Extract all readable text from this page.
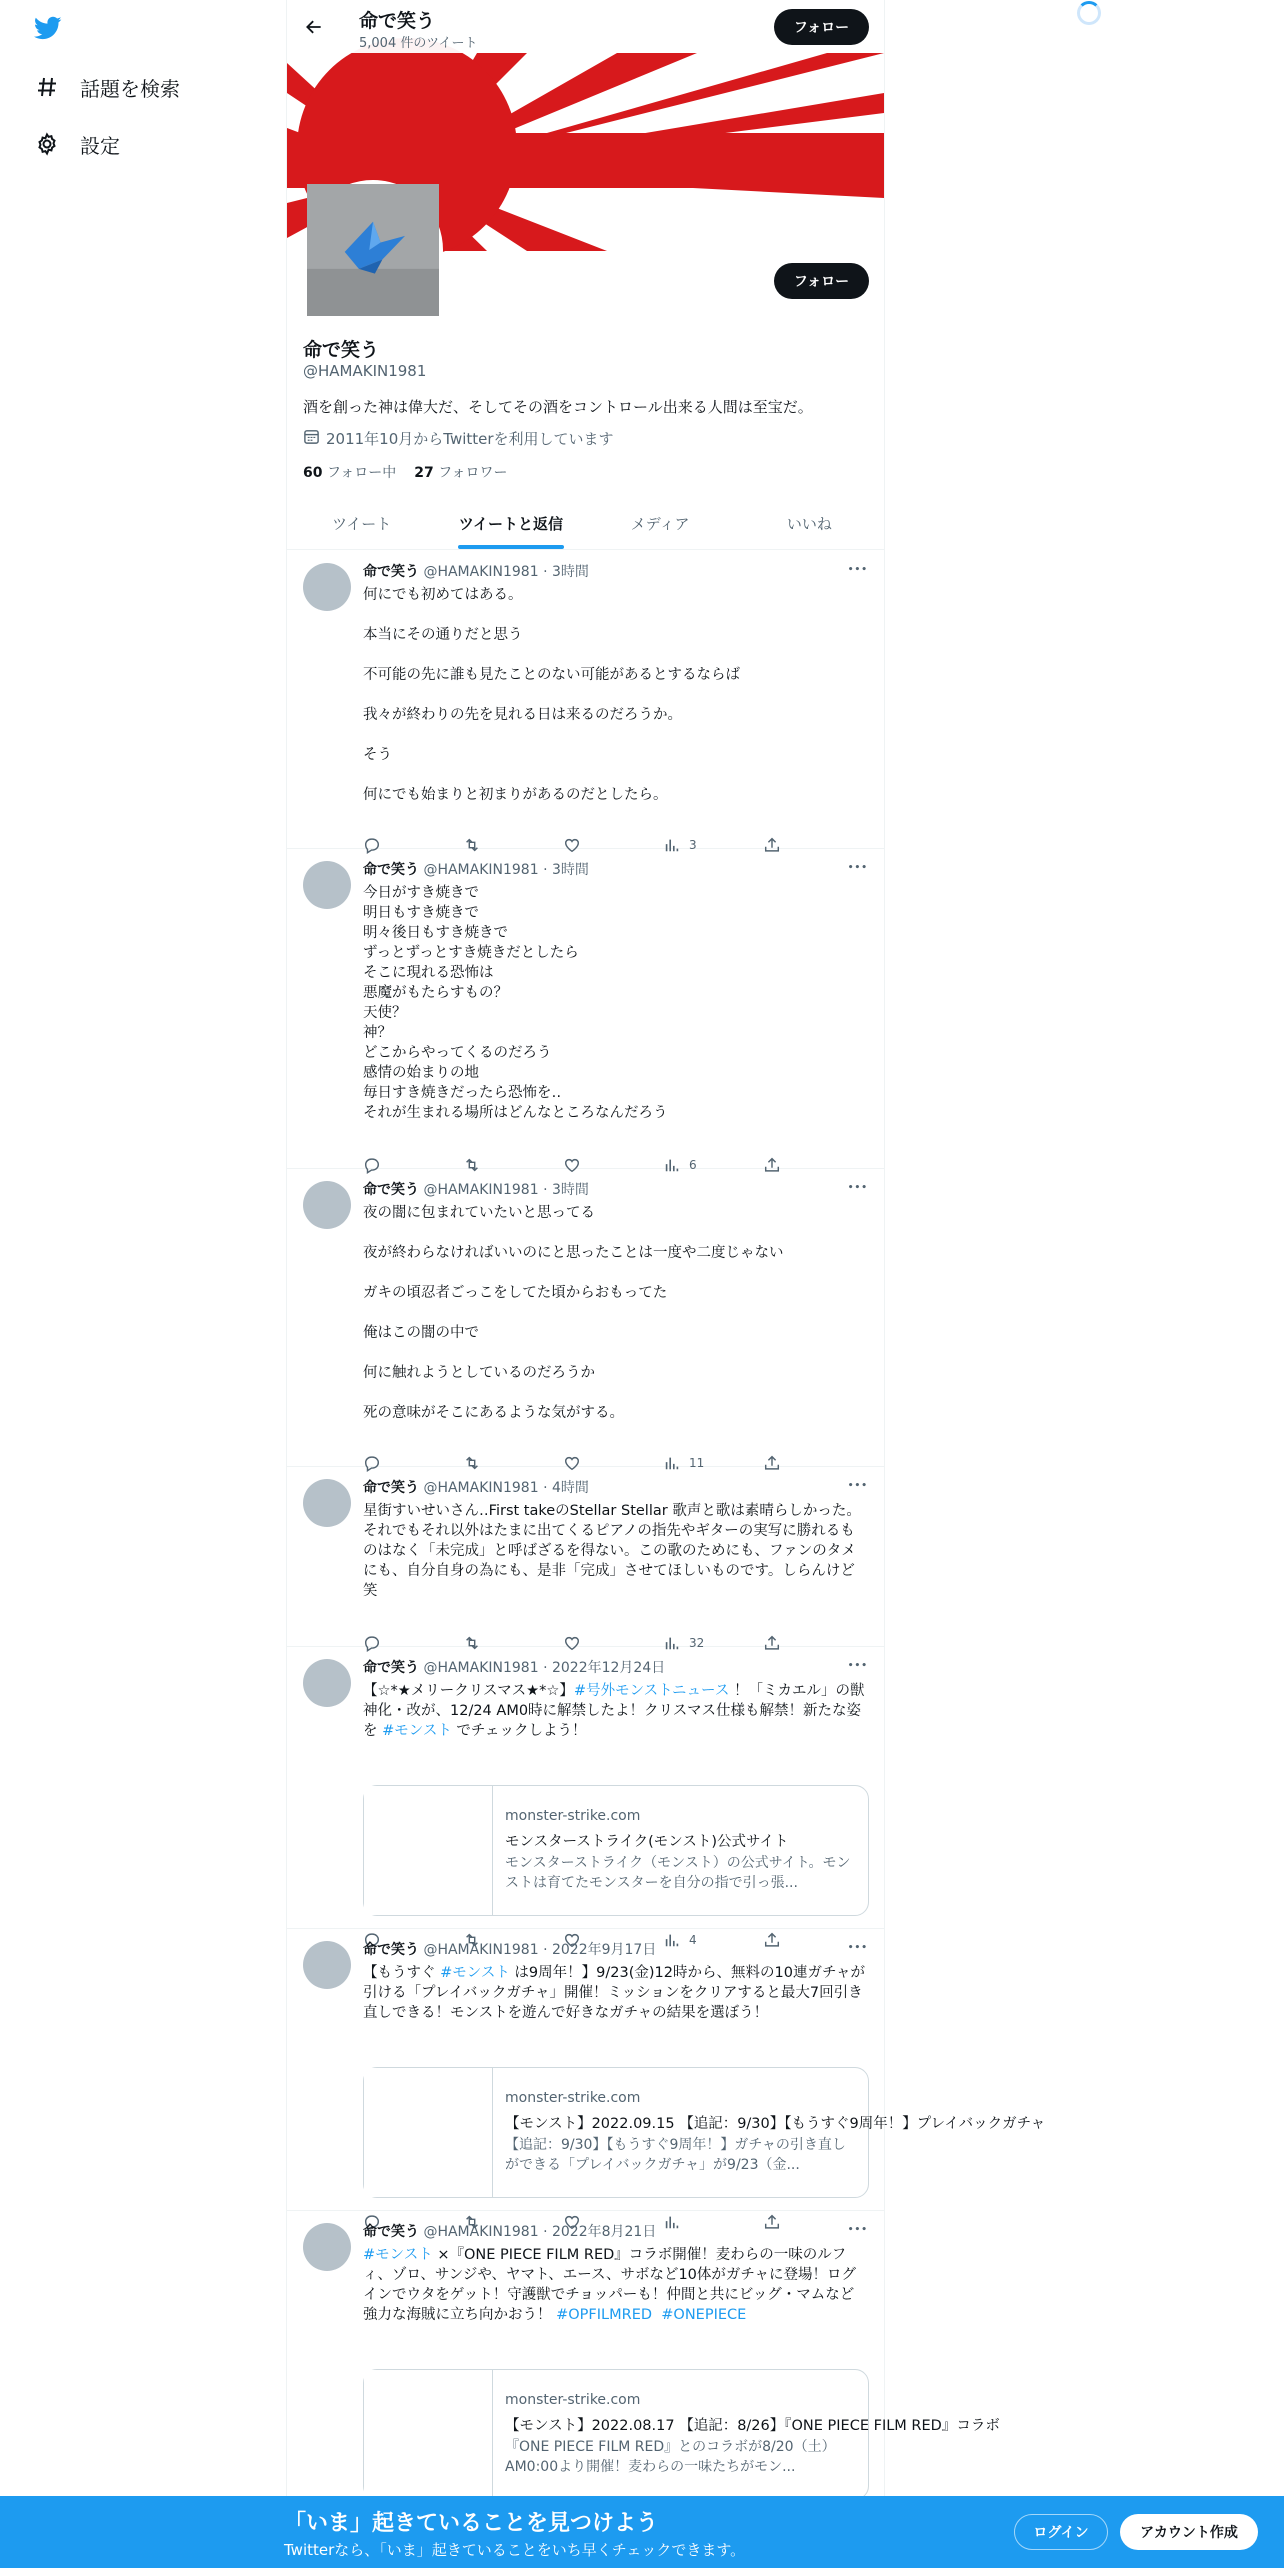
話題を検索
設定
命で笑う
5,004 件のツイート
フォロー
フォロー
命で笑う
@HAMAKIN1981
酒を創った神は偉大だ、そしてその酒をコントロール出来る人間は至宝だ。
2011年10月からTwitterを利用しています
60 フォロー中 27 フォロワー
ツイート	ツイートと返信	メディア	いいね
命で笑う @HAMAKIN1981 · 3時間	•••
何にでも初めてはある。

本当にその通りだと思う

不可能の先に誰も見たことのない可能があるとするならば

我々が終わりの先を見れる日は来るのだろうか。

そう

何にでも始まりと初まりがあるのだとしたら。
3
命で笑う @HAMAKIN1981 · 3時間	•••
今日がすき焼きで
明日もすき焼きで
明々後日もすき焼きで
ずっとずっとすき焼きだとしたら
そこに現れる恐怖は
悪魔がもたらすもの？
天使？
神？
どこからやってくるのだろう
感情の始まりの地
毎日すき焼きだったら恐怖を‥
それが生まれる場所はどんなところなんだろう
6
命で笑う @HAMAKIN1981 · 3時間	•••
夜の闇に包まれていたいと思ってる

夜が終わらなければいいのにと思ったことは一度や二度じゃない

ガキの頃忍者ごっこをしてた頃からおもってた

俺はこの闇の中で

何に触れようとしているのだろうか

死の意味がそこにあるような気がする。
11
命で笑う @HAMAKIN1981 · 4時間	•••
星街すいせいさん‥First takeのStellar Stellar 歌声と歌は素晴らしかった。それでもそれ以外はたまに出てくるピアノの指先やギターの実写に勝れるものはなく「未完成」と呼ばざるを得ない。この歌のためにも、ファンのタメにも、自分自身の為にも、是非「完成」させてほしいものです。しらんけど笑
32
命で笑う @HAMAKIN1981 · 2022年12月24日	•••
【☆*★メリークリスマス★*☆】#号外モンストニュース ！「ミカエル」の獣神化・改が、12/24 AM0時に解禁したよ！クリスマス仕様も解禁！新たな姿を #モンスト でチェックしよう！
monster-strike.com
モンスターストライク(モンスト)公式サイト
モンスターストライク（モンスト）の公式サイト。モンストは育てたモンスターを自分の指で引っ張...
4
命で笑う @HAMAKIN1981 · 2022年9月17日	•••
【もうすぐ #モンスト は9周年！】9/23(金)12時から、無料の10連ガチャが引ける「プレイバックガチャ」開催！ミッションをクリアすると最大7回引き直しできる！モンストを遊んで好きなガチャの結果を選ぼう！
monster-strike.com
【モンスト】2022.09.15 【追記：9/30】【もうすぐ9周年！】プレイバックガチャ
【追記：9/30】【もうすぐ9周年！】ガチャの引き直しができる「プレイバックガチャ」が9/23（金...
命で笑う @HAMAKIN1981 · 2022年8月21日	•••
#モンスト ×『ONE PIECE FILM RED』コラボ開催！麦わらの一味のルフィ、ゾロ、サンジや、ヤマト、エース、サボなど10体がガチャに登場！ログインでウタをゲット！守護獣でチョッパーも！仲間と共にビッグ・マムなど強力な海賊に立ち向かおう！ #OPFILMRED #ONEPIECE
monster-strike.com
【モンスト】2022.08.17 【追記：8/26】『ONE PIECE FILM RED』コラボ
『ONE PIECE FILM RED』とのコラボが8/20（土）AM0:00より開催！麦わらの一味たちがモン...
「いま」起きていることを見つけよう
Twitterなら、「いま」起きていることをいち早くチェックできます。
ログイン	アカウント作成
